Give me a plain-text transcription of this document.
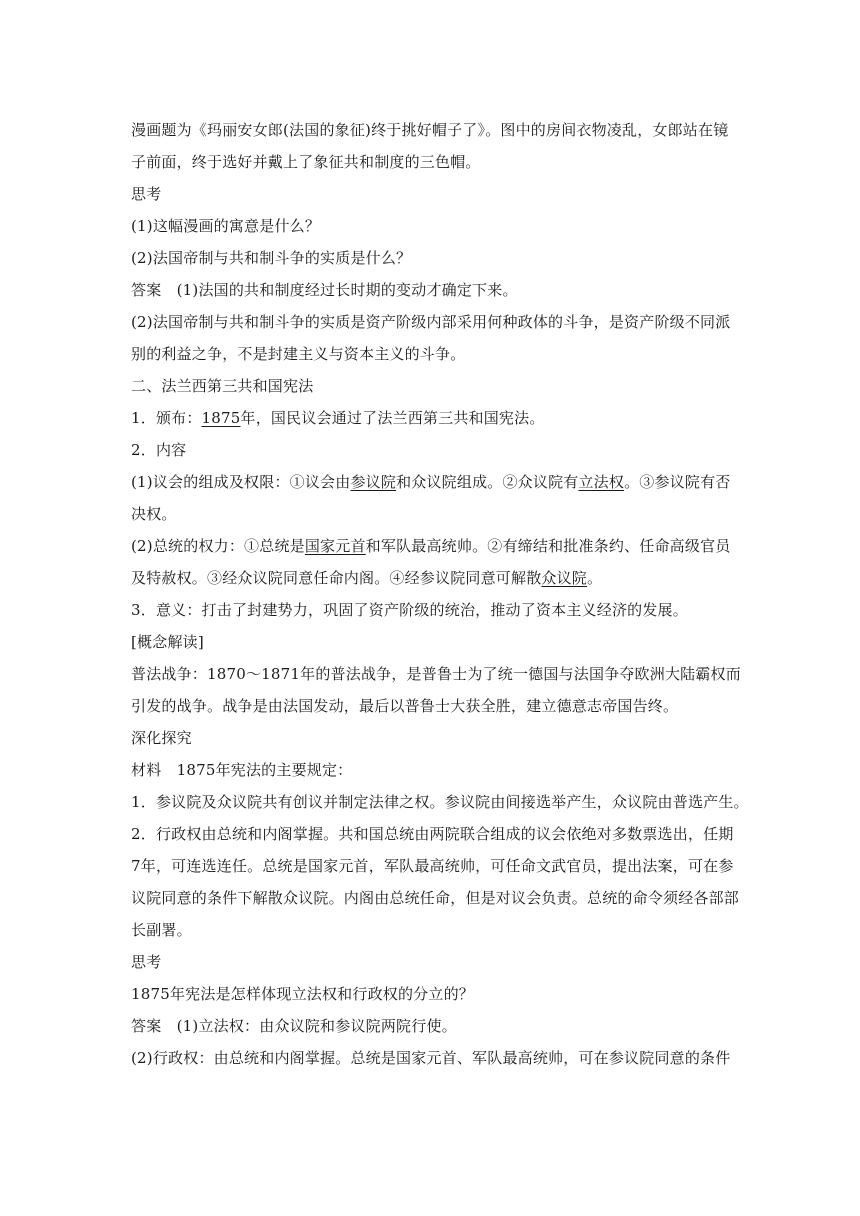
漫画题为《玛丽安女郎(法国的象征)终于挑好帽子了》。图中的房间衣物凌乱，女郎站在镜
子前面，终于选好并戴上了象征共和制度的三色帽。
思考
(1)这幅漫画的寓意是什么？
(2)法国帝制与共和制斗争的实质是什么？
答案　(1)法国的共和制度经过长时期的变动才确定下来。
(2)法国帝制与共和制斗争的实质是资产阶级内部采用何种政体的斗争，是资产阶级不同派
别的利益之争，不是封建主义与资本主义的斗争。
二、法兰西第三共和国宪法
1．颁布：1875年，国民议会通过了法兰西第三共和国宪法。
2．内容
(1)议会的组成及权限：①议会由参议院和众议院组成。②众议院有立法权。③参议院有否
决权。
(2)总统的权力：①总统是国家元首和军队最高统帅。②有缔结和批准条约、任命高级官员
及特赦权。③经众议院同意任命内阁。④经参议院同意可解散众议院。
3．意义：打击了封建势力，巩固了资产阶级的统治，推动了资本主义经济的发展。
[概念解读]
普法战争：1870～1871年的普法战争，是普鲁士为了统一德国与法国争夺欧洲大陆霸权而
引发的战争。战争是由法国发动，最后以普鲁士大获全胜，建立德意志帝国告终。
深化探究
材料　1875年宪法的主要规定：
1．参议院及众议院共有创议并制定法律之权。参议院由间接选举产生，众议院由普选产生。
2．行政权由总统和内阁掌握。共和国总统由两院联合组成的议会依绝对多数票选出，任期
7年，可连选连任。总统是国家元首，军队最高统帅，可任命文武官员，提出法案，可在参
议院同意的条件下解散众议院。内阁由总统任命，但是对议会负责。总统的命令须经各部部
长副署。
思考
1875年宪法是怎样体现立法权和行政权的分立的？
答案　(1)立法权：由众议院和参议院两院行使。
(2)行政权：由总统和内阁掌握。总统是国家元首、军队最高统帅，可在参议院同意的条件
